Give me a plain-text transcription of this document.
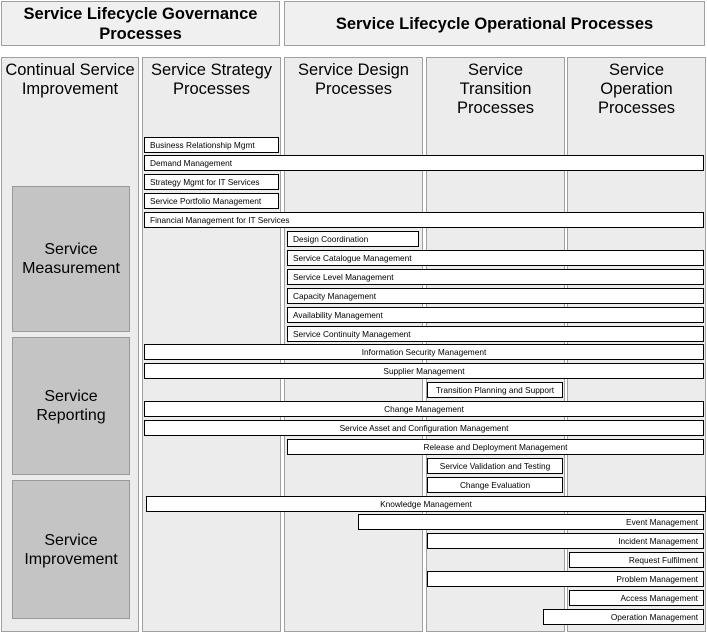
Service Lifecycle Governance
Processes
Service Lifecycle Operational Processes
Continual Service
Improvement
Service Strategy
Processes
Service Design
Processes
Service
Transition
Processes
Service
Operation
Processes
Service
Measurement
Service
Reporting
Service
Improvement
Business Relationship Mgmt
Demand Management
Strategy Mgmt for IT Services
Service Portfolio Management
Financial Management for IT Services
Design Coordination
Service Catalogue Management
Service Level Management
Capacity Management
Availability Management
Service Continuity Management
Information Security Management
Supplier Management
Transition Planning and Support
Change Management
Service Asset and Configuration Management
Release and Deployment Management
Service Validation and Testing
Change Evaluation
Knowledge Management
Event Management
Incident Management
Request Fulfilment
Problem Management
Access Management
Operation Management
